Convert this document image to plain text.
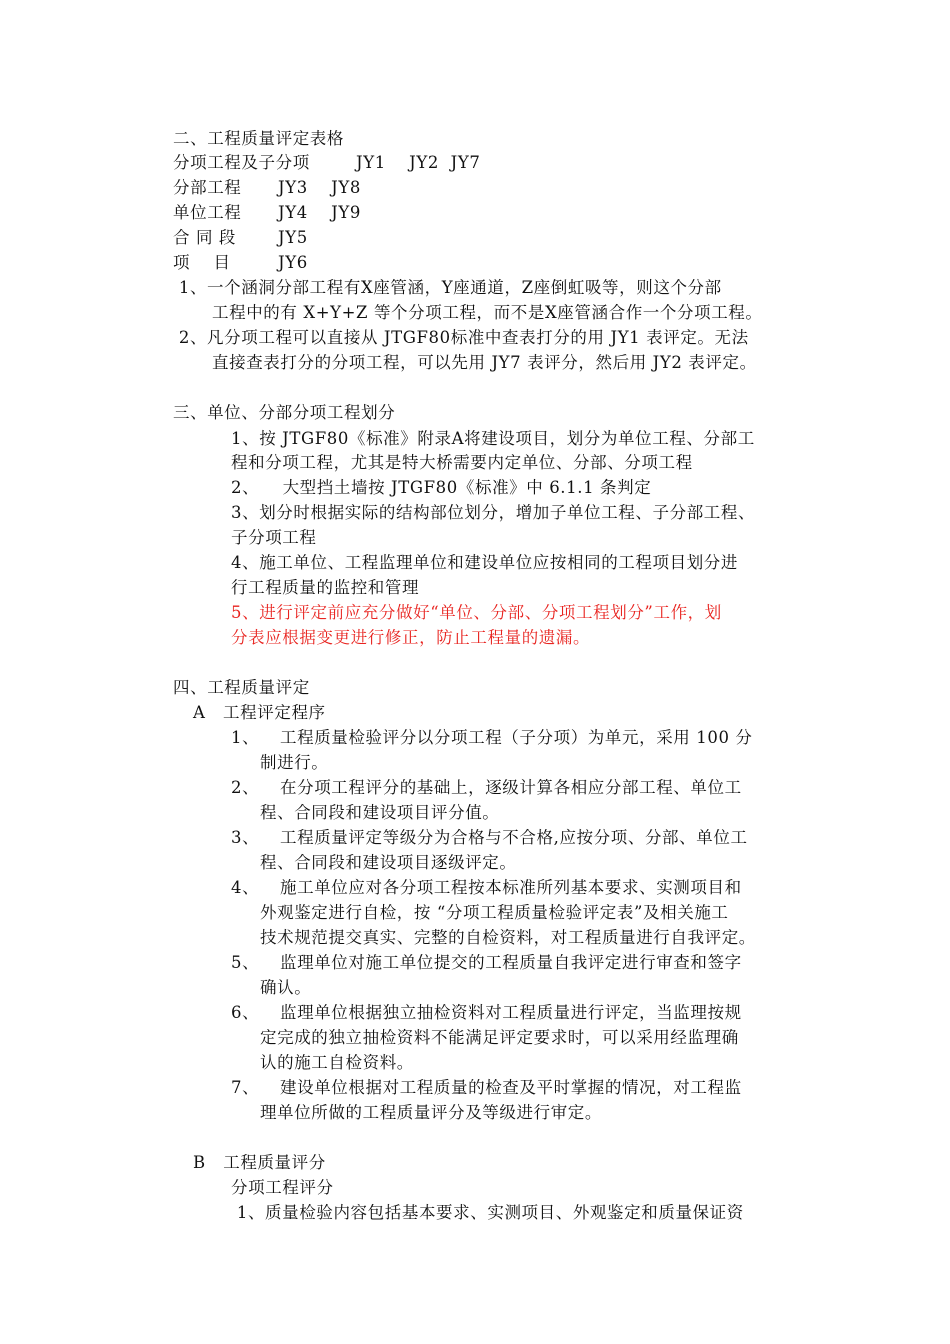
二、工程质量评定表格
分项工程及子分项	JY1    JY2  JY7
分部工程 JY3    JY8
单位工程 JY4    JY9
合 同 段	JY5
项    目	JY6
1、一个涵洞分部工程有X座管涵，Y座通道，Z座倒虹吸等，则这个分部
工程中的有 X+Y+Z 等个分项工程，而不是X座管涵合作一个分项工程。
2、凡分项工程可以直接从 JTGF80标准中查表打分的用 JY1 表评定。无法
直接查表打分的分项工程，可以先用 JY7 表评分，然后用 JY2 表评定。
三、单位、分部分项工程划分
1、按 JTGF80《标准》附录A将建设项目，划分为单位工程、分部工
程和分项工程，尤其是特大桥需要内定单位、分部、分项工程
2、    大型挡土墙按 JTGF80《标准》中 6.1.1 条判定
3、划分时根据实际的结构部位划分，增加子单位工程、子分部工程、
子分项工程
4、施工单位、工程监理单位和建设单位应按相同的工程项目划分进
行工程质量的监控和管理
5、进行评定前应充分做好“单位、分部、分项工程划分”工作，划
分表应根据变更进行修正，防止工程量的遗漏。
四、工程质量评定
A   工程评定程序
1、 工程质量检验评分以分项工程（子分项）为单元，采用 100 分
制进行。
2、 在分项工程评分的基础上，逐级计算各相应分部工程、单位工
程、合同段和建设项目评分值。
3、 工程质量评定等级分为合格与不合格,应按分项、分部、单位工
程、合同段和建设项目逐级评定。
4、 施工单位应对各分项工程按本标准所列基本要求、实测项目和
外观鉴定进行自检，按 “分项工程质量检验评定表”及相关施工
技术规范提交真实、完整的自检资料，对工程质量进行自我评定。
5、 监理单位对施工单位提交的工程质量自我评定进行审查和签字
确认。
6、 监理单位根据独立抽检资料对工程质量进行评定，当监理按规
定完成的独立抽检资料不能满足评定要求时，可以采用经监理确
认的施工自检资料。
7、 建设单位根据对工程质量的检查及平时掌握的情况，对工程监
理单位所做的工程质量评分及等级进行审定。
B   工程质量评分
分项工程评分
1、质量检验内容包括基本要求、实测项目、外观鉴定和质量保证资
